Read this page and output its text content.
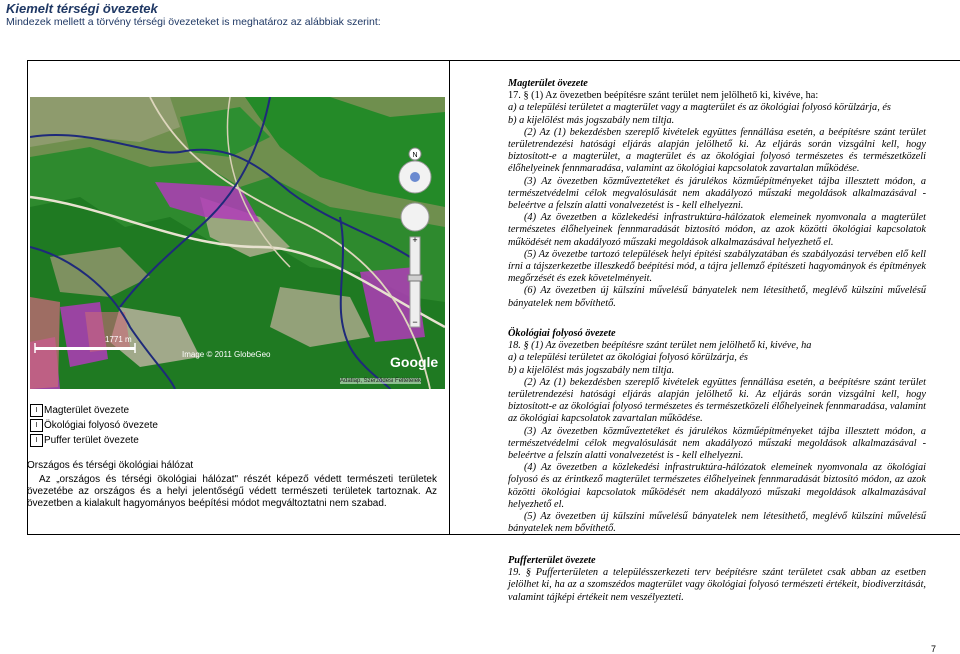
Kiemelt térségi övezetek
Mindezek mellett a törvény térségi övezeteket is meghatároz az alábbiak szerint:
N
+
−
1771 m
Image © 2011 GlobeGeo	Google
Adatlap, Szerződési Feltételek
I Magterület övezete
I Ökológiai folyosó övezete
I Puffer terület övezete
Országos és térségi ökológiai hálózat
Az „országos és térségi ökológiai hálózat" részét képező védett természeti területek övezetébe az országos és a helyi jelentőségű védett természeti területek tartoznak. Az övezetben a kialakult hagyományos beépítési módot megváltoztatni nem szabad.

Magterület övezete

17. § (1) Az övezetben beépítésre szánt terület nem jelölhető ki, kivéve, ha:

a) a települési területet a magterület vagy a magterület és az ökológiai folyosó körülzárja, és

b) a kijelölést más jogszabály nem tiltja.

(2) Az (1) bekezdésben szereplő kivételek együttes fennállása esetén, a beépítésre szánt terület területrendezési hatósági eljárás alapján jelölhető ki. Az eljárás során vizsgálni kell, hogy biztosított-e a magterület, a magterület és az ökológiai folyosó természetes és természetközeli élőhelyeinek fennmaradása, valamint az ökológiai kapcsolatok zavartalan működése.

(3) Az övezetben közműveztetéket és járulékos közműépítményeket tájba illesztett módon, a természetvédelmi célok megvalósulását nem akadályozó műszaki megoldások alkalmazásával - beleértve a felszín alatti vonalvezetést is - kell elhelyezni.

(4) Az övezetben a közlekedési infrastruktúra-hálózatok elemeinek nyomvonala a magterület természetes élőhelyeinek fennmaradását biztosító módon, az azok közötti ökológiai kapcsolatok működését nem akadályozó műszaki megoldások alkalmazásával helyezhető el.

(5) Az övezetbe tartozó települések helyi építési szabályzatában és szabályozási tervében elő kell írni a tájszerkezetbe illeszkedő beépítési mód, a tájra jellemző építészeti hagyományok és építmények megőrzését és ezek követelményeit.

(6) Az övezetben új külszíni művelésű bányatelek nem létesíthető, meglévő külszíni művelésű bányatelek nem bővíthető.

Ökológiai folyosó övezete

18. § (1) Az övezetben beépítésre szánt terület nem jelölhető ki, kivéve, ha

a) a települési területet az ökológiai folyosó körülzárja, és

b) a kijelölést más jogszabály nem tiltja.

(2) Az (1) bekezdésben szereplő kivételek együttes fennállása esetén, a beépítésre szánt terület területrendezési hatósági eljárás alapján jelölhető ki. Az eljárás során vizsgálni kell, hogy biztosított-e az ökológiai folyosó természetes és természetközeli élőhelyeinek fennmaradása, valamint az ökológiai kapcsolatok zavartalan működése.

(3) Az övezetben közműveztetéket és járulékos közműépítményeket tájba illesztett módon, a természetvédelmi célok megvalósulását nem akadályozó műszaki megoldások alkalmazásával - beleértve a felszín alatti vonalvezetést is - kell elhelyezni.

(4) Az övezetben a közlekedési infrastruktúra-hálózatok elemeinek nyomvonala az ökológiai folyosó és az érintkező magterület természetes élőhelyeinek fennmaradását biztosító módon, az azok közötti ökológiai kapcsolatok működését nem akadályozó műszaki megoldások alkalmazásával helyezhető el.

(5) Az övezetben új külszíni művelésű bányatelek nem létesíthető, meglévő külszíni művelésű bányatelek nem bővíthető.

Pufferterület övezete

19. § Pufferterületen a településszerkezeti terv beépítésre szánt területet csak abban az esetben jelölhet ki, ha az a szomszédos magterület vagy ökológiai folyosó természeti értékeit, biodiverzitását, valamint tájképi értékeit nem veszélyezteti.

7
